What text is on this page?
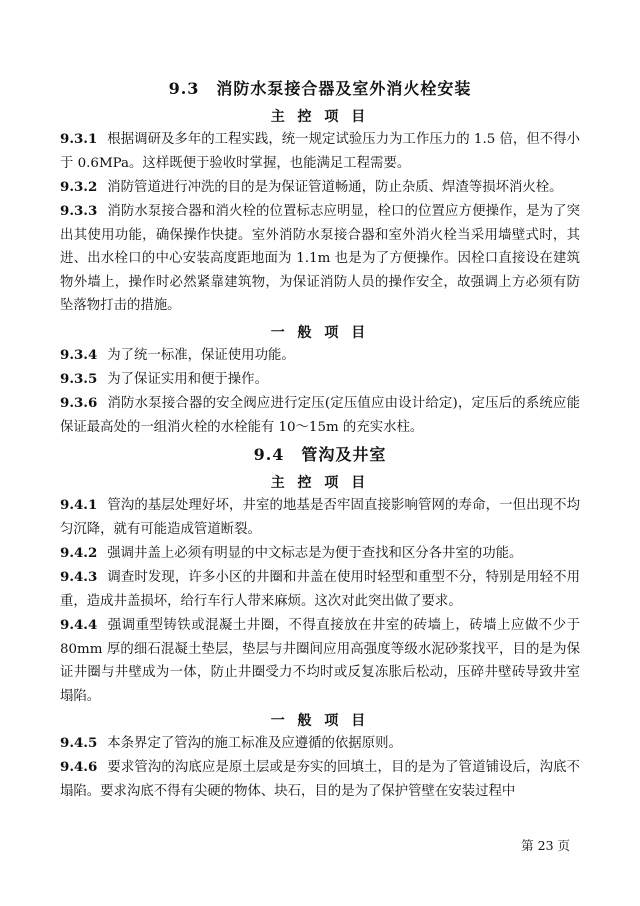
9.3　消防水泵接合器及室外消火栓安装
主 控 项 目
9.3.1 根据调研及多年的工程实践，统一规定试验压力为工作压力的 1.5 倍，但不得小于 0.6MPa。这样既便于验收时掌握，也能满足工程需要。
9.3.2 消防管道进行冲洗的目的是为保证管道畅通，防止杂质、焊渣等损坏消火栓。
9.3.3 消防水泵接合器和消火栓的位置标志应明显，栓口的位置应方便操作，是为了突出其使用功能，确保操作快捷。室外消防水泵接合器和室外消火栓当采用墙壁式时，其进、出水栓口的中心安装高度距地面为 1.1m 也是为了方便操作。因栓口直接设在建筑物外墙上，操作时必然紧靠建筑物，为保证消防人员的操作安全，故强调上方必须有防坠落物打击的措施。
一 般 项 目
9.3.4 为了统一标准，保证使用功能。
9.3.5 为了保证实用和便于操作。
9.3.6 消防水泵接合器的安全阀应进行定压(定压值应由设计给定)，定压后的系统应能保证最高处的一组消火栓的水栓能有 10～15m 的充实水柱。
9.4　管沟及井室
主 控 项 目
9.4.1 管沟的基层处理好坏，井室的地基是否牢固直接影响管网的寿命，一但出现不均匀沉降，就有可能造成管道断裂。
9.4.2 强调井盖上必须有明显的中文标志是为便于查找和区分各井室的功能。
9.4.3 调查时发现，许多小区的井圈和井盖在使用时轻型和重型不分，特别是用轻不用重，造成井盖损坏，给行车行人带来麻烦。这次对此突出做了要求。
9.4.4 强调重型铸铁或混凝土井圈，不得直接放在井室的砖墙上，砖墙上应做不少于 80mm 厚的细石混凝土垫层，垫层与井圈间应用高强度等级水泥砂浆找平，目的是为保证井圈与井壁成为一体，防止井圈受力不均时或反复冻胀后松动，压碎井壁砖导致井室塌陷。
一 般 项 目
9.4.5 本条界定了管沟的施工标准及应遵循的依据原则。
9.4.6 要求管沟的沟底应是原土层或是夯实的回填土，目的是为了管道铺设后，沟底不塌陷。要求沟底不得有尖硬的物体、块石，目的是为了保护管壁在安装过程中
第 23 页
